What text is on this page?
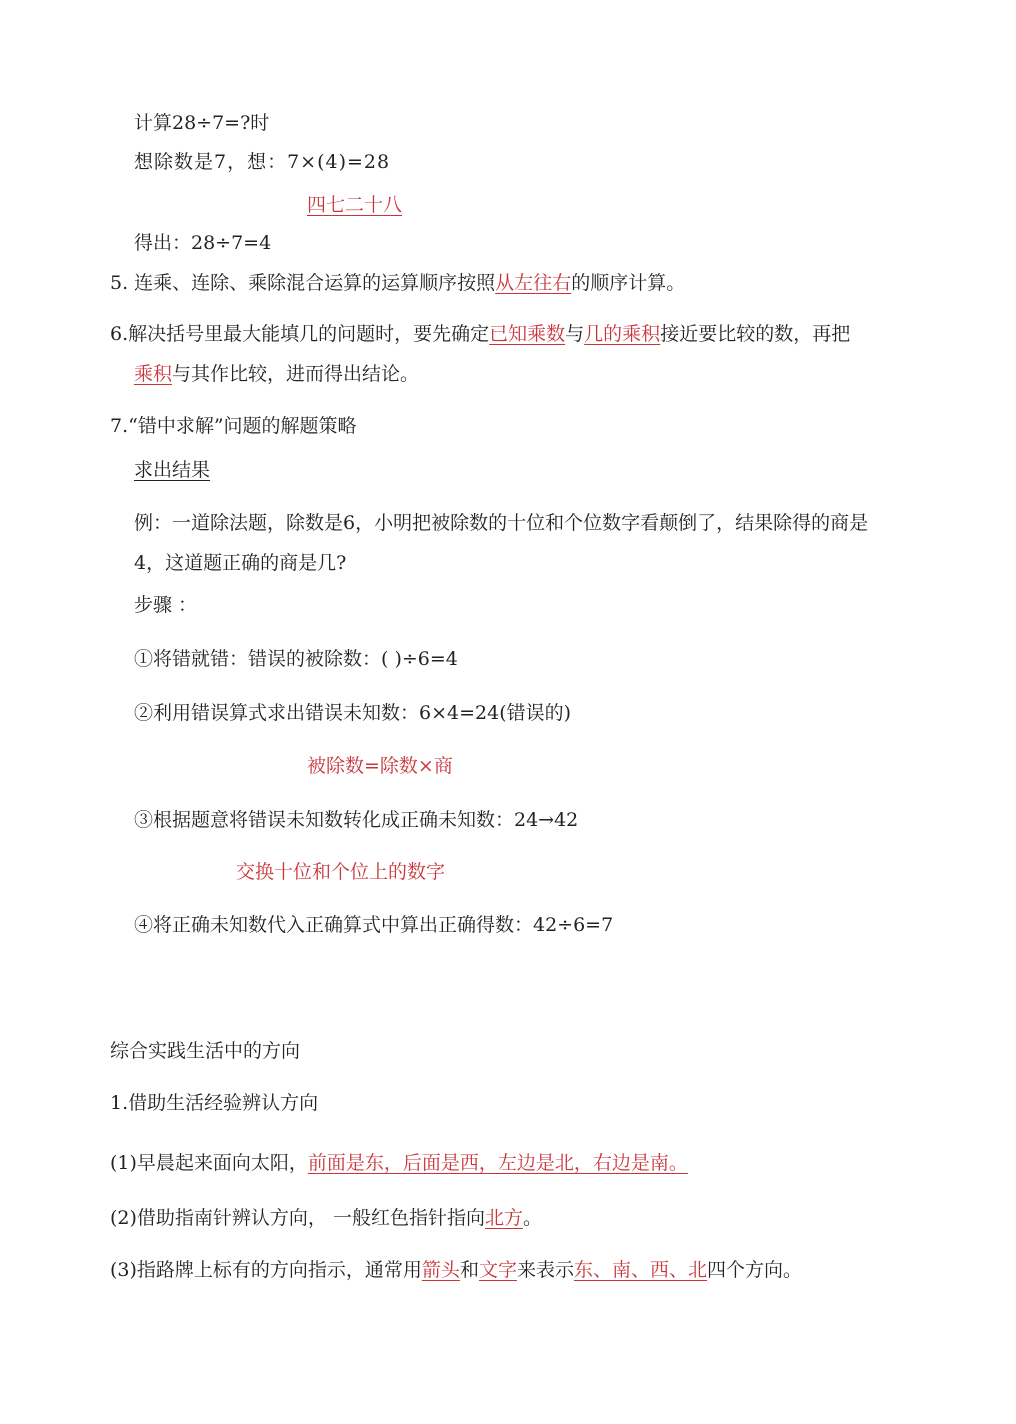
计算28÷7=?时
想除数是7，想：7×(4)=28
四七二十八
得出：28÷7=4
5. 连乘、连除、乘除混合运算的运算顺序按照从左往右的顺序计算。
6.解决括号里最大能填几的问题时，要先确定已知乘数与几的乘积接近要比较的数，再把
乘积与其作比较，进而得出结论。
7.“错中求解”问题的解题策略
求出结果
例：一道除法题，除数是6，小明把被除数的十位和个位数字看颠倒了，结果除得的商是
4，这道题正确的商是几?
步骤 ：
①将错就错：错误的被除数：( )÷6=4
②利用错误算式求出错误未知数：6×4=24(错误的)
被除数=除数×商
③根据题意将错误未知数转化成正确未知数：24→42
交换十位和个位上的数字
④将正确未知数代入正确算式中算出正确得数：42÷6=7
综合实践生活中的方向
1.借助生活经验辨认方向
(1)早晨起来面向太阳，前面是东，后面是西，左边是北，右边是南。
(2)借助指南针辨认方向， 一般红色指针指向北方。
(3)指路牌上标有的方向指示，通常用箭头和文字来表示东、南、西、北四个方向。
